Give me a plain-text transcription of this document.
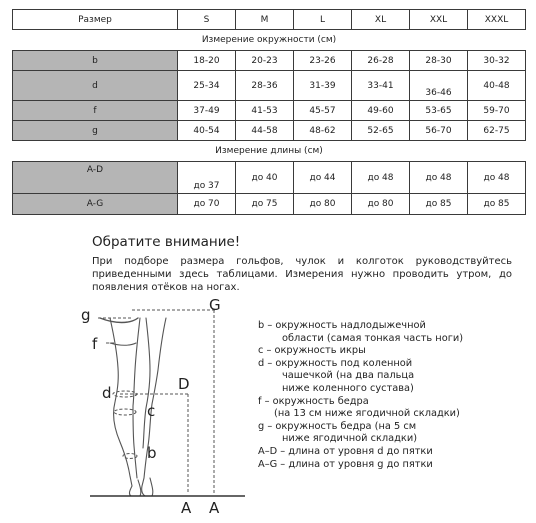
Размер	S	M	L	XL	XXL	XXXL
Измерение окружности (см)						
b	18-20	20-23	23-26	26-28	28-30	30-32
d	25-34	28-36	31-39	33-41	36-46	40-48
f	37-49	41-53	45-57	49-60	53-65	59-70
g	40-54	44-58	48-62	52-65	56-70	62-75
Измерение длины (см)						
A-D	до 37	до 40	до 44	до 48	до 48	до 48
A-G	до 70	до 75	до 80	до 80	до 85	до 85
Обратите внимание!
При подборе размера гольфов, чулок и колготок руководствуйтесь приведенными здесь таблицами. Измерения нужно проводить утром, до появления отёков на ногах.
g
f
d
c
b
G
D
A A
b – окружность надлодыжечной
области (самая тонкая часть ноги)
c – окружность икры
d – окружность под коленной
чашечкой (на два пальца
ниже коленного сустава)
f – окружность бедра
(на 13 см ниже ягодичной складки)
g – окружность бедра (на 5 см
ниже ягодичной складки)
A–D – длина от уровня d до пятки
A–G – длина от уровня g до пятки
